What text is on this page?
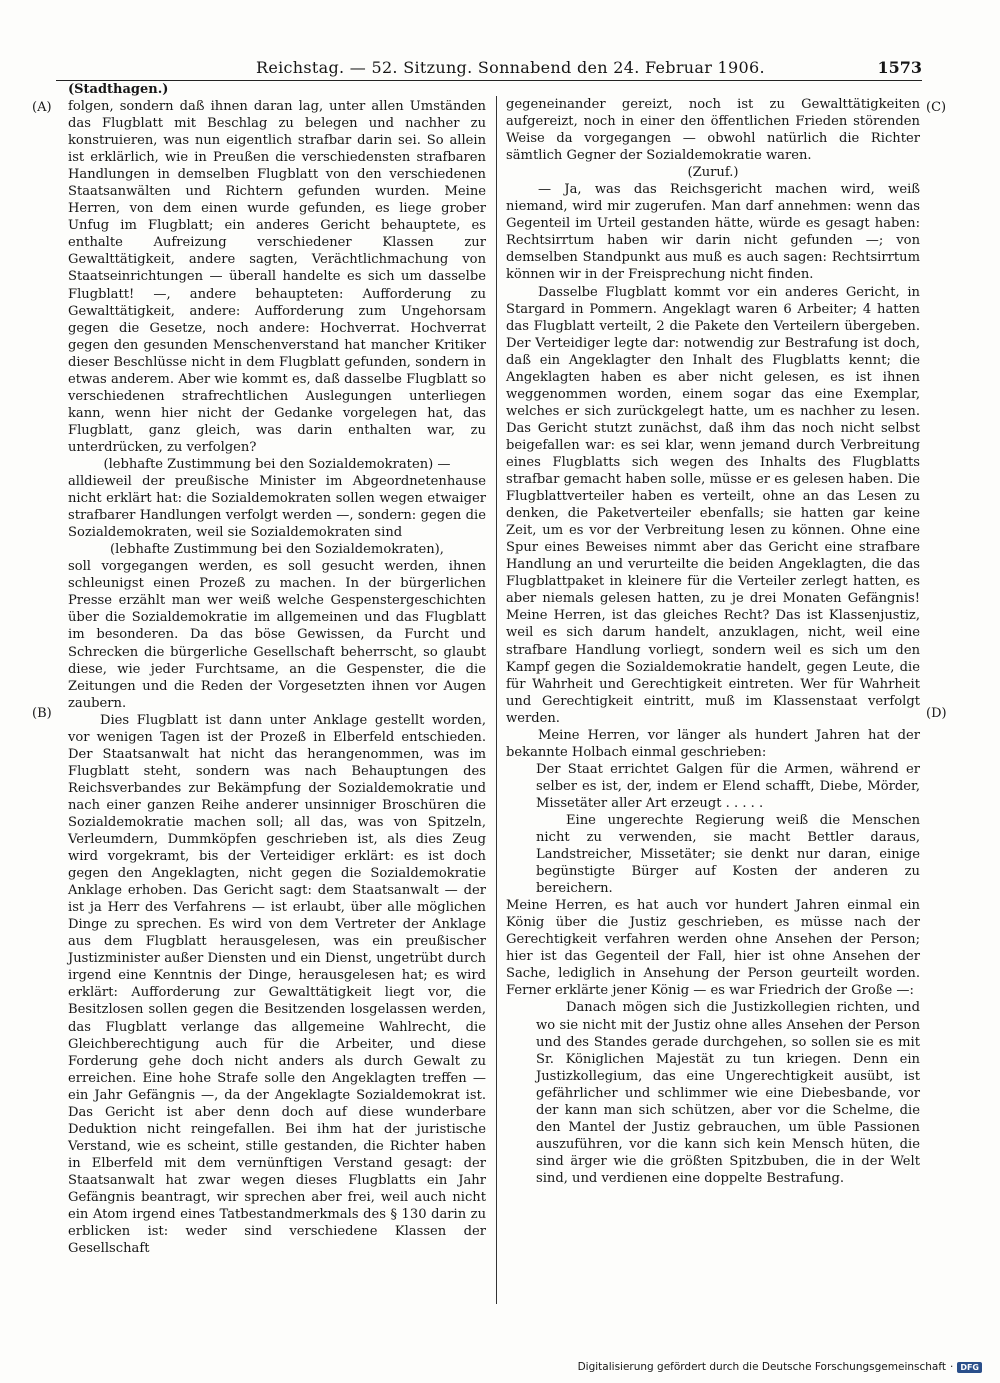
Reichstag. — 52. Sitzung. Sonnabend den 24. Februar 1906.	1573
(Stadthagen.)
(A)
(B)
(C)
(D)

folgen, sondern daß ihnen daran lag, unter allen Umständen das Flugblatt mit Beschlag zu belegen und nachher zu konstruieren, was nun eigentlich strafbar darin sei. So allein ist erklärlich, wie in Preußen die verschiedensten strafbaren Handlungen in demselben Flugblatt von den verschiedenen Staatsanwälten und Richtern gefunden wurden. Meine Herren, von dem einen wurde gefunden, es liege grober Unfug im Flugblatt; ein anderes Gericht behauptete, es enthalte Aufreizung verschiedener Klassen zur Gewalttätigkeit, andere sagten, Verächtlichmachung von Staatseinrichtungen — überall handelte es sich um dasselbe Flugblatt! —, andere behaupteten: Aufforderung zu Gewalttätigkeit, andere: Aufforderung zum Ungehorsam gegen die Gesetze, noch andere: Hochverrat. Hochverrat gegen den gesunden Menschenverstand hat mancher Kritiker dieser Beschlüsse nicht in dem Flugblatt gefunden, sondern in etwas anderem. Aber wie kommt es, daß dasselbe Flugblatt so verschiedenen strafrechtlichen Auslegungen unterliegen kann, wenn hier nicht der Gedanke vorgelegen hat, das Flugblatt, ganz gleich, was darin enthalten war, zu unterdrücken, zu verfolgen?

(lebhafte Zustimmung bei den Sozialdemokraten) —

alldieweil der preußische Minister im Abgeordnetenhause nicht erklärt hat: die Sozialdemokraten sollen wegen etwaiger strafbarer Handlungen verfolgt werden —, sondern: gegen die Sozialdemokraten, weil sie Sozialdemokraten sind

(lebhafte Zustimmung bei den Sozialdemokraten),

soll vorgegangen werden, es soll gesucht werden, ihnen schleunigst einen Prozeß zu machen. In der bürgerlichen Presse erzählt man wer weiß welche Gespenstergeschichten über die Sozialdemokratie im allgemeinen und das Flugblatt im besonderen. Da das böse Gewissen, da Furcht und Schrecken die bürgerliche Gesellschaft beherrscht, so glaubt diese, wie jeder Furchtsame, an die Gespenster, die die Zeitungen und die Reden der Vorgesetzten ihnen vor Augen zaubern.

Dies Flugblatt ist dann unter Anklage gestellt worden, vor wenigen Tagen ist der Prozeß in Elberfeld entschieden. Der Staatsanwalt hat nicht das herangenommen, was im Flugblatt steht, sondern was nach Behauptungen des Reichsverbandes zur Bekämpfung der Sozialdemokratie und nach einer ganzen Reihe anderer unsinniger Broschüren die Sozialdemokratie machen soll; all das, was von Spitzeln, Verleumdern, Dummköpfen geschrieben ist, als dies Zeug wird vorgekramt, bis der Verteidiger erklärt: es ist doch gegen den Angeklagten, nicht gegen die Sozialdemokratie Anklage erhoben. Das Gericht sagt: dem Staatsanwalt — der ist ja Herr des Verfahrens — ist erlaubt, über alle möglichen Dinge zu sprechen. Es wird von dem Vertreter der Anklage aus dem Flugblatt herausgelesen, was ein preußischer Justizminister außer Diensten und ein Dienst, ungetrübt durch irgend eine Kenntnis der Dinge, herausgelesen hat; es wird erklärt: Aufforderung zur Gewalttätigkeit liegt vor, die Besitzlosen sollen gegen die Besitzenden losgelassen werden, das Flugblatt verlange das allgemeine Wahlrecht, die Gleichberechtigung auch für die Arbeiter, und diese Forderung gehe doch nicht anders als durch Gewalt zu erreichen. Eine hohe Strafe solle den Angeklagten treffen — ein Jahr Gefängnis —, da der Angeklagte Sozialdemokrat ist. Das Gericht ist aber denn doch auf diese wunderbare Deduktion nicht reingefallen. Bei ihm hat der juristische Verstand, wie es scheint, stille gestanden, die Richter haben in Elberfeld mit dem vernünftigen Verstand gesagt: der Staatsanwalt hat zwar wegen dieses Flugblatts ein Jahr Gefängnis beantragt, wir sprechen aber frei, weil auch nicht ein Atom irgend eines Tatbestandmerkmals des § 130 darin zu erblicken ist: weder sind verschiedene Klassen der Gesellschaft

gegeneinander gereizt, noch ist zu Gewalttätigkeiten aufgereizt, noch in einer den öffentlichen Frieden störenden Weise da vorgegangen — obwohl natürlich die Richter sämtlich Gegner der Sozialdemokratie waren.

(Zuruf.)

— Ja, was das Reichsgericht machen wird, weiß niemand, wird mir zugerufen. Man darf annehmen: wenn das Gegenteil im Urteil gestanden hätte, würde es gesagt haben: Rechtsirrtum haben wir darin nicht gefunden —; von demselben Standpunkt aus muß es auch sagen: Rechtsirrtum können wir in der Freisprechung nicht finden.

Dasselbe Flugblatt kommt vor ein anderes Gericht, in Stargard in Pommern. Angeklagt waren 6 Arbeiter; 4 hatten das Flugblatt verteilt, 2 die Pakete den Verteilern übergeben. Der Verteidiger legte dar: notwendig zur Bestrafung ist doch, daß ein Angeklagter den Inhalt des Flugblatts kennt; die Angeklagten haben es aber nicht gelesen, es ist ihnen weggenommen worden, einem sogar das eine Exemplar, welches er sich zurückgelegt hatte, um es nachher zu lesen. Das Gericht stutzt zunächst, daß ihm das noch nicht selbst beigefallen war: es sei klar, wenn jemand durch Verbreitung eines Flugblatts sich wegen des Inhalts des Flugblatts strafbar gemacht haben solle, müsse er es gelesen haben. Die Flugblattverteiler haben es verteilt, ohne an das Lesen zu denken, die Paketverteiler ebenfalls; sie hatten gar keine Zeit, um es vor der Verbreitung lesen zu können. Ohne eine Spur eines Beweises nimmt aber das Gericht eine strafbare Handlung an und verurteilte die beiden Angeklagten, die das Flugblattpaket in kleinere für die Verteiler zerlegt hatten, es aber niemals gelesen hatten, zu je drei Monaten Gefängnis! Meine Herren, ist das gleiches Recht? Das ist Klassenjustiz, weil es sich darum handelt, anzuklagen, nicht, weil eine strafbare Handlung vorliegt, sondern weil es sich um den Kampf gegen die Sozialdemokratie handelt, gegen Leute, die für Wahrheit und Gerechtigkeit eintreten. Wer für Wahrheit und Gerechtigkeit eintritt, muß im Klassenstaat verfolgt werden.

Meine Herren, vor länger als hundert Jahren hat der bekannte Holbach einmal geschrieben:

Der Staat errichtet Galgen für die Armen, während er selber es ist, der, indem er Elend schafft, Diebe, Mörder, Missetäter aller Art erzeugt . . . . .

Eine ungerechte Regierung weiß die Menschen nicht zu verwenden, sie macht Bettler daraus, Landstreicher, Missetäter; sie denkt nur daran, einige begünstigte Bürger auf Kosten der anderen zu bereichern.

Meine Herren, es hat auch vor hundert Jahren einmal ein König über die Justiz geschrieben, es müsse nach der Gerechtigkeit verfahren werden ohne Ansehen der Person; hier ist das Gegenteil der Fall, hier ist ohne Ansehen der Sache, lediglich in Ansehung der Person geurteilt worden. Ferner erklärte jener König — es war Friedrich der Große —:

Danach mögen sich die Justizkollegien richten, und wo sie nicht mit der Justiz ohne alles Ansehen der Person und des Standes gerade durchgehen, so sollen sie es mit Sr. Königlichen Majestät zu tun kriegen. Denn ein Justizkollegium, das eine Ungerechtigkeit ausübt, ist gefährlicher und schlimmer wie eine Diebesbande, vor der kann man sich schützen, aber vor die Schelme, die den Mantel der Justiz gebrauchen, um üble Passionen auszuführen, vor die kann sich kein Mensch hüten, die sind ärger wie die größten Spitzbuben, die in der Welt sind, und verdienen eine doppelte Bestrafung.

Digitalisierung gefördert durch die Deutsche Forschungsgemeinschaft · DFG
